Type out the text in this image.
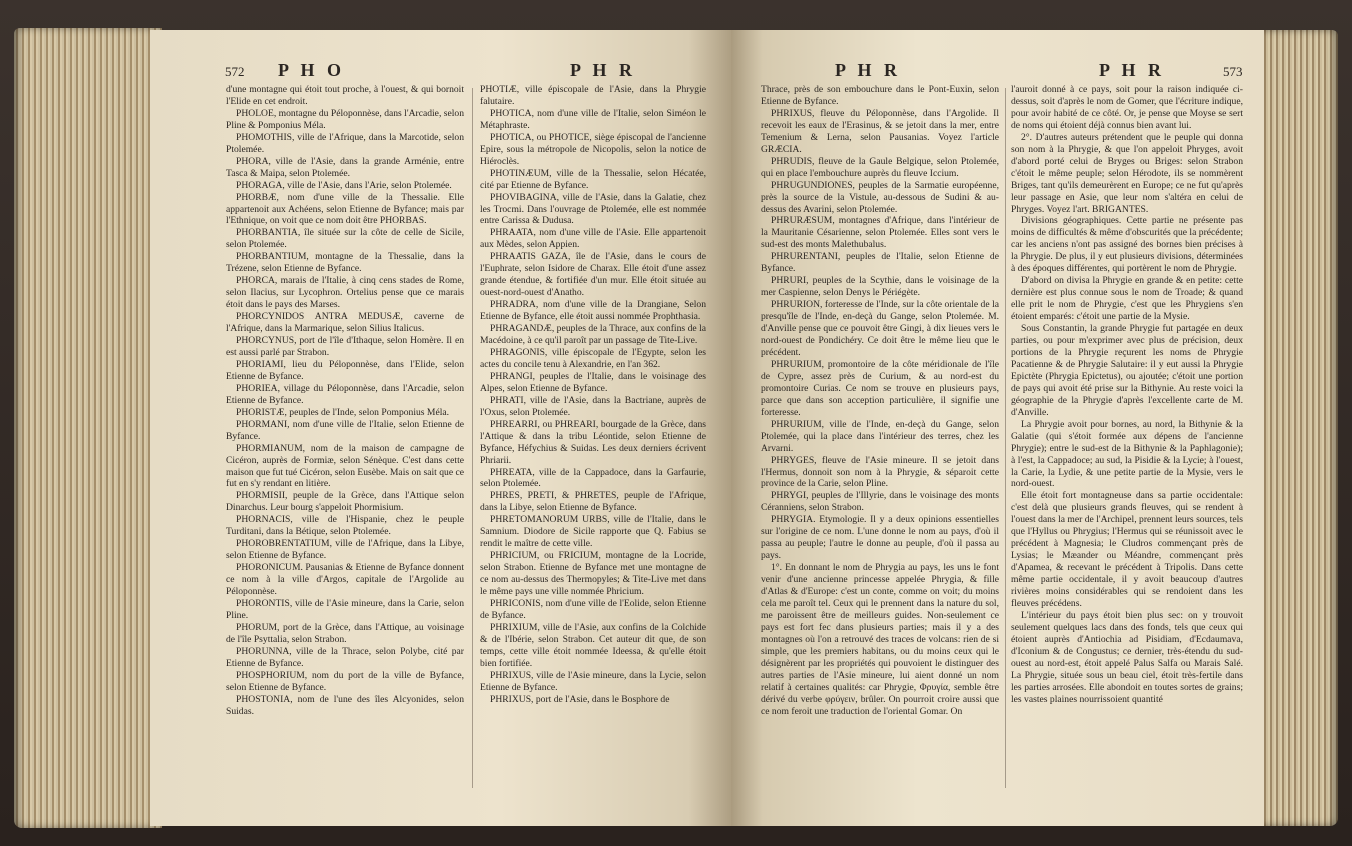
572 P H O	P H R

d'une montagne qui étoit tout proche, à l'ouest, & qui bornoit l'Elide en cet endroit.

PHOLOE, montagne du Péloponnèse, dans l'Arcadie, selon Pline & Pomponius Méla.

PHOMOTHIS, ville de l'Afrique, dans la Marcotide, selon Ptolemée.

PHORA, ville de l'Asie, dans la grande Arménie, entre Tasca & Maipa, selon Ptolemée.

PHORAGA, ville de l'Asie, dans l'Arie, selon Ptolemée.

PHORBÆ, nom d'une ville de la Thessalie. Elle appartenoit aux Achéens, selon Etienne de Byfance; mais par l'Ethnique, on voit que ce nom doit être PHORBAS.

PHORBANTIA, île située sur la côte de celle de Sicile, selon Ptolemée.

PHORBANTIUM, montagne de la Thessalie, dans la Trézene, selon Etienne de Byfance.

PHORCA, marais de l'Italie, à cinq cens stades de Rome, selon Ilacius, sur Lycophron. Ortelius pense que ce marais étoit dans le pays des Marses.

PHORCYNIDOS ANTRA MEDUSÆ, caverne de l'Afrique, dans la Marmarique, selon Silius Italicus.

PHORCYNUS, port de l'île d'Ithaque, selon Homère. Il en est aussi parlé par Strabon.

PHORIAMI, lieu du Péloponnèse, dans l'Elide, selon Etienne de Byfance.

PHORIEA, village du Péloponnèse, dans l'Arcadie, selon Etienne de Byfance.

PHORISTÆ, peuples de l'Inde, selon Pomponius Méla.

PHORMANI, nom d'une ville de l'Italie, selon Etienne de Byfance.

PHORMIANUM, nom de la maison de campagne de Cicéron, auprès de Formiæ, selon Sénèque. C'est dans cette maison que fut tué Cicéron, selon Eusèbe. Mais on sait que ce fut en s'y rendant en litière.

PHORMISII, peuple de la Grèce, dans l'Attique selon Dinarchus. Leur bourg s'appeloit Phormisium.

PHORNACIS, ville de l'Hispanie, chez le peuple Turditani, dans la Bétique, selon Ptolemée.

PHOROBRENTATIUM, ville de l'Afrique, dans la Libye, selon Etienne de Byfance.

PHORONICUM. Pausanias & Etienne de Byfance donnent ce nom à la ville d'Argos, capitale de l'Argolide au Péloponnèse.

PHORONTIS, ville de l'Asie mineure, dans la Carie, selon Pline.

PHORUM, port de la Grèce, dans l'Attique, au voisinage de l'île Psyttalia, selon Strabon.

PHORUNNA, ville de la Thrace, selon Polybe, cité par Etienne de Byfance.

PHOSPHORIUM, nom du port de la ville de Byfance, selon Etienne de Byfance.

PHOSTONIA, nom de l'une des îles Alcyonides, selon Suidas.

PHOTIÆ, ville épiscopale de l'Asie, dans la Phrygie falutaire.

PHOTICA, nom d'une ville de l'Italie, selon Siméon le Métaphraste.

PHOTICA, ou PHOTICE, siège épiscopal de l'ancienne Epire, sous la métropole de Nicopolis, selon la notice de Hiéroclès.

PHOTINÆUM, ville de la Thessalie, selon Hécatée, cité par Etienne de Byfance.

PHOVIBAGINA, ville de l'Asie, dans la Galatie, chez les Trocmi. Dans l'ouvrage de Ptolemée, elle est nommée entre Carissa & Dudusa.

PHRAATA, nom d'une ville de l'Asie. Elle appartenoit aux Mèdes, selon Appien.

PHRAATIS GAZA, île de l'Asie, dans le cours de l'Euphrate, selon Isidore de Charax. Elle étoit d'une assez grande étendue, & fortifiée d'un mur. Elle étoit située au ouest-nord-ouest d'Anatho.

PHRADRA, nom d'une ville de la Drangiane, Selon Etienne de Byfance, elle étoit aussi nommée Prophthasia.

PHRAGANDÆ, peuples de la Thrace, aux confins de la Macédoine, à ce qu'il paroît par un passage de Tite-Live.

PHRAGONIS, ville épiscopale de l'Egypte, selon les actes du concile tenu à Alexandrie, en l'an 362.

PHRANGI, peuples de l'Italie, dans le voisinage des Alpes, selon Etienne de Byfance.

PHRATI, ville de l'Asie, dans la Bactriane, auprès de l'Oxus, selon Ptolemée.

PHREARRI, ou PHREARI, bourgade de la Grèce, dans l'Attique & dans la tribu Léontide, selon Etienne de Byfance, Héfychius & Suidas. Les deux derniers écrivent Phriarii.

PHREATA, ville de la Cappadoce, dans la Garfaurie, selon Ptolemée.

PHRES, PRETI, & PHRETES, peuple de l'Afrique, dans la Libye, selon Etienne de Byfance.

PHRETOMANORUM URBS, ville de l'Italie, dans le Samnium. Diodore de Sicile rapporte que Q. Fabius se rendit le maître de cette ville.

PHRICIUM, ou FRICIUM, montagne de la Locride, selon Strabon. Etienne de Byfance met une montagne de ce nom au-dessus des Thermopyles; & Tite-Live met dans le même pays une ville nommée Phricium.

PHRICONIS, nom d'une ville de l'Eolide, selon Etienne de Byfance.

PHRIXIUM, ville de l'Asie, aux confins de la Colchide & de l'Ibérie, selon Strabon. Cet auteur dit que, de son temps, cette ville étoit nommée Ideessa, & qu'elle étoit bien fortifiée.

PHRIXUS, ville de l'Asie mineure, dans la Lycie, selon Etienne de Byfance.

PHRIXUS, port de l'Asie, dans le Bosphore de

P H R	P H R	573

Thrace, près de son embouchure dans le Pont-Euxin, selon Etienne de Byfance.

PHRIXUS, fleuve du Péloponnèse, dans l'Argolide. Il recevoit les eaux de l'Erasinus, & se jetoit dans la mer, entre Temenium & Lerna, selon Pausanias. Voyez l'article GRÆCIA.

PHRUDIS, fleuve de la Gaule Belgique, selon Ptolemée, qui en place l'embouchure auprès du fleuve Iccium.

PHRUGUNDIONES, peuples de la Sarmatie européenne, près la source de la Vistule, au-dessous de Sudini & au-dessus des Avarini, selon Ptolemée.

PHRURÆSUM, montagnes d'Afrique, dans l'intérieur de la Mauritanie Césarienne, selon Ptolemée. Elles sont vers le sud-est des monts Malethubalus.

PHRURENTANI, peuples de l'Italie, selon Etienne de Byfance.

PHRURI, peuples de la Scythie, dans le voisinage de la mer Caspienne, selon Denys le Périégète.

PHRURION, forteresse de l'Inde, sur la côte orientale de la presqu'île de l'Inde, en-deçà du Gange, selon Ptolemée. M. d'Anville pense que ce pouvoit être Gingi, à dix lieues vers le nord-ouest de Pondichéry. Ce doit être le même lieu que le précédent.

PHRURIUM, promontoire de la côte méridionale de l'île de Cypre, assez près de Curium, & au nord-est du promontoire Curias. Ce nom se trouve en plusieurs pays, parce que dans son acception particulière, il signifie une forteresse.

PHRURIUM, ville de l'Inde, en-deçà du Gange, selon Ptolemée, qui la place dans l'intérieur des terres, chez les Arvarni.

PHRYGES, fleuve de l'Asie mineure. Il se jetoit dans l'Hermus, donnoit son nom à la Phrygie, & séparoit cette province de la Carie, selon Pline.

PHRYGI, peuples de l'Illyrie, dans le voisinage des monts Céranniens, selon Strabon.

PHRYGIA. Etymologie. Il y a deux opinions essentielles sur l'origine de ce nom. L'une donne le nom au pays, d'où il passa au peuple; l'autre le donne au peuple, d'où il passa au pays.

1°. En donnant le nom de Phrygia au pays, les uns le font venir d'une ancienne princesse appelée Phrygia, & fille d'Atlas & d'Europe: c'est un conte, comme on voit; du moins cela me paroît tel. Ceux qui le prennent dans la nature du sol, me paroissent être de meilleurs guides. Non-seulement ce pays est fort fec dans plusieurs parties; mais il y a des montagnes où l'on a retrouvé des traces de volcans: rien de si simple, que les premiers habitans, ou du moins ceux qui le désignèrent par les propriétés qui pouvoient le distinguer des autres parties de l'Asie mineure, lui aient donné un nom relatif à certaines qualités: car Phrygie, Φρυγία, semble être dérivé du verbe φρύγειν, brûler. On pourroit croire aussi que ce nom feroit une traduction de l'oriental Gomar. On

l'auroit donné à ce pays, soit pour la raison indiquée ci-dessus, soit d'après le nom de Gomer, que l'écriture indique, pour avoir habité de ce côté. Or, je pense que Moyse se sert de noms qui étoient déjà connus bien avant lui.

2°. D'autres auteurs prétendent que le peuple qui donna son nom à la Phrygie, & que l'on appeloit Phryges, avoit d'abord porté celui de Bryges ou Briges: selon Strabon c'étoit le même peuple; selon Hérodote, ils se nommèrent Briges, tant qu'ils demeurèrent en Europe; ce ne fut qu'après leur passage en Asie, que leur nom s'altéra en celui de Phryges. Voyez l'art. BRIGANTES.

Divisions géographiques. Cette partie ne présente pas moins de difficultés & même d'obscurités que la précédente; car les anciens n'ont pas assigné des bornes bien précises à la Phrygie. De plus, il y eut plusieurs divisions, déterminées à des époques différentes, qui portèrent le nom de Phrygie.

D'abord on divisa la Phrygie en grande & en petite: cette dernière est plus connue sous le nom de Troade; & quand elle prit le nom de Phrygie, c'est que les Phrygiens s'en étoient emparés: c'étoit une partie de la Mysie.

Sous Constantin, la grande Phrygie fut partagée en deux parties, ou pour m'exprimer avec plus de précision, deux portions de la Phrygie reçurent les noms de Phrygie Pacatienne & de Phrygie Salutaire: il y eut aussi la Phrygie Epictète (Phrygia Epictetus), ou ajoutée; c'étoit une portion de pays qui avoit été prise sur la Bithynie. Au reste voici la géographie de la Phrygie d'après l'excellente carte de M. d'Anville.

La Phrygie avoit pour bornes, au nord, la Bithynie & la Galatie (qui s'étoit formée aux dépens de l'ancienne Phrygie); entre le sud-est de la Bithynie & la Paphlagonie); à l'est, la Cappadoce; au sud, la Pisidie & la Lycie; à l'ouest, la Carie, la Lydie, & une petite partie de la Mysie, vers le nord-ouest.

Elle étoit fort montagneuse dans sa partie occidentale: c'est delà que plusieurs grands fleuves, qui se rendent à l'ouest dans la mer de l'Archipel, prennent leurs sources, tels que l'Hyllus ou Phrygius; l'Hermus qui se réunissoit avec le précédent à Magnesia; le Cludros commençant près de Lysias; le Mæander ou Méandre, commençant près d'Apamea, & recevant le précédent à Tripolis. Dans cette même partie occidentale, il y avoit beaucoup d'autres rivières moins considérables qui se rendoient dans les fleuves précédens.

L'intérieur du pays étoit bien plus sec: on y trouvoit seulement quelques lacs dans des fonds, tels que ceux qui étoient auprès d'Antiochia ad Pisidiam, d'Ecdaumava, d'Iconium & de Congustus; ce dernier, très-étendu du sud-ouest au nord-est, étoit appelé Palus Salfa ou Marais Salé. La Phrygie, située sous un beau ciel, étoit très-fertile dans les parties arrosées. Elle abondoit en toutes sortes de grains; les vastes plaines nourrissoient quantité
